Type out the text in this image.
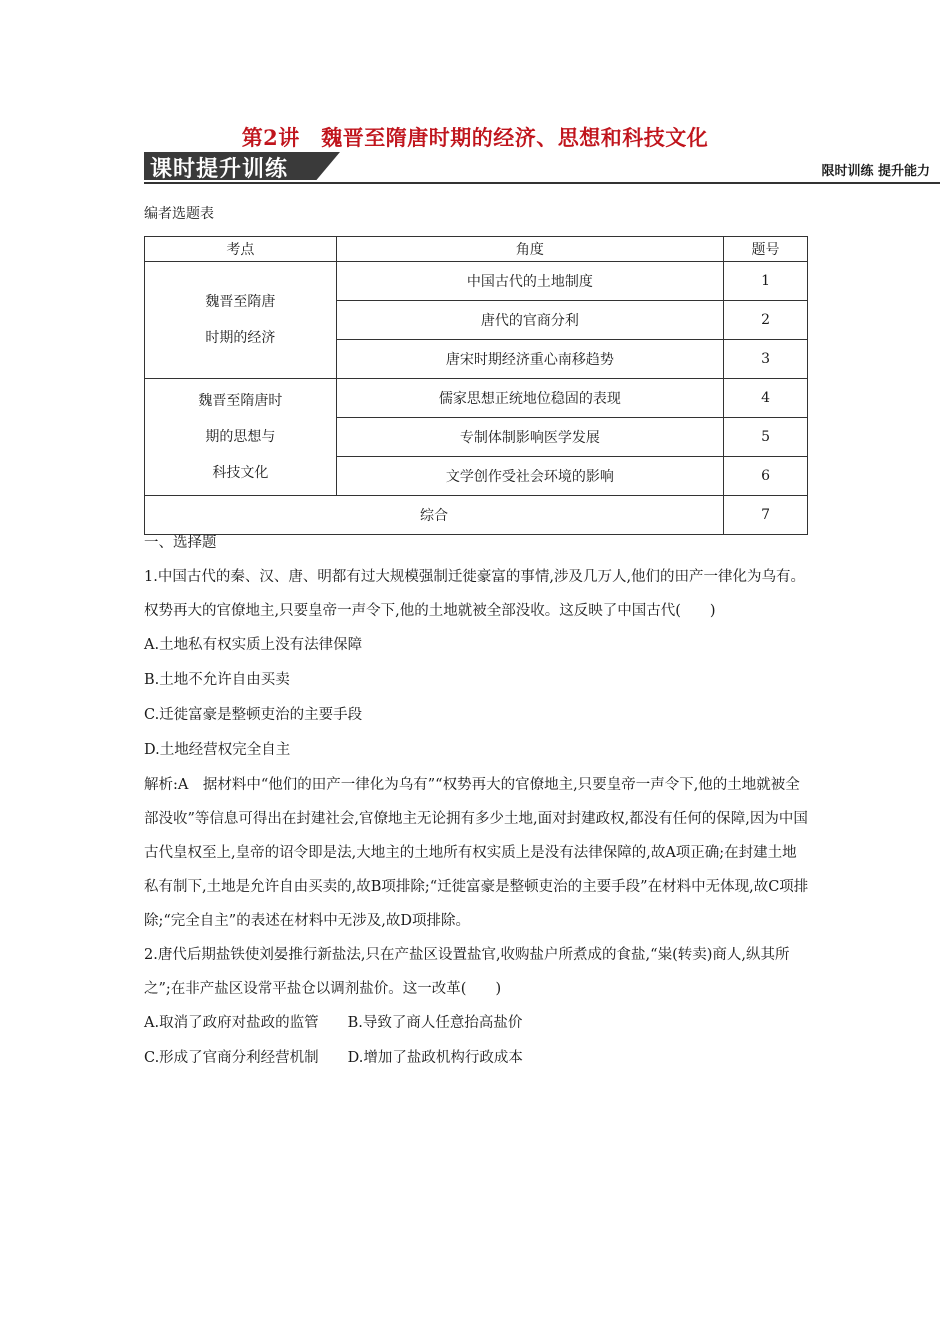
第2讲　魏晋至隋唐时期的经济、思想和科技文化
课时提升训练	限时训练 提升能力
编者选题表
考点	角度	题号

魏晋至隋唐
时期的经济	中国古代的土地制度	1
	唐代的官商分利	2
	唐宋时期经济重心南移趋势	3

魏晋至隋唐时
期的思想与
科技文化	儒家思想正统地位稳固的表现	4
	专制体制影响医学发展	5
	文学创作受社会环境的影响	6
综合		7

一、选择题

1.中国古代的秦、汉、唐、明都有过大规模强制迁徙豪富的事情,涉及几万人,他们的田产一律化为乌有。权势再大的官僚地主,只要皇帝一声令下,他的土地就被全部没收。这反映了中国古代(　　)

A.土地私有权实质上没有法律保障

B.土地不允许自由买卖

C.迁徙富豪是整顿吏治的主要手段

D.土地经营权完全自主

解析:A　据材料中“他们的田产一律化为乌有”“权势再大的官僚地主,只要皇帝一声令下,他的土地就被全部没收”等信息可得出在封建社会,官僚地主无论拥有多少土地,面对封建政权,都没有任何的保障,因为中国古代皇权至上,皇帝的诏令即是法,大地主的土地所有权实质上是没有法律保障的,故A项正确;在封建土地私有制下,土地是允许自由买卖的,故B项排除;“迁徙富豪是整顿吏治的主要手段”在材料中无体现,故C项排除;“完全自主”的表述在材料中无涉及,故D项排除。

2.唐代后期盐铁使刘晏推行新盐法,只在产盐区设置盐官,收购盐户所煮成的食盐,“粜(转卖)商人,纵其所之”;在非产盐区设常平盐仓以调剂盐价。这一改革(　　)

A.取消了政府对盐政的监管　　B.导致了商人任意抬高盐价

C.形成了官商分利经营机制　　D.增加了盐政机构行政成本
